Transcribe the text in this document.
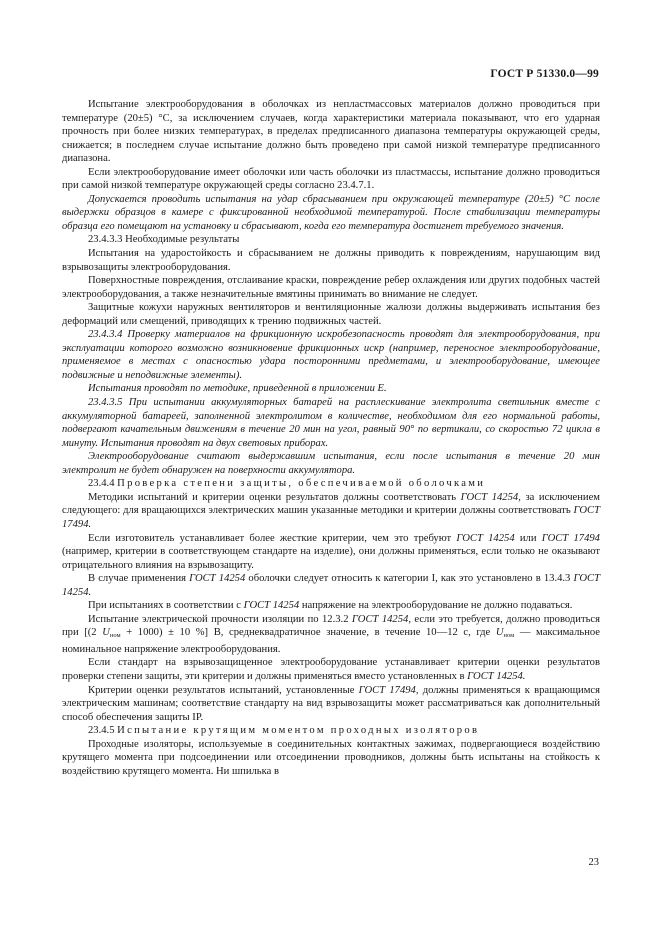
ГОСТ Р 51330.0—99

Испытание электрооборудования в оболочках из непластмассовых материалов должно проводиться при температуре (20±5) °С, за исключением случаев, когда характеристики материала показывают, что его ударная прочность при более низких температурах, в пределах предписанного диапазона температуры окружающей среды, снижается; в последнем случае испытание должно быть проведено при самой низкой температуре предписанного диапазона.

Если электрооборудование имеет оболочки или часть оболочки из пластмассы, испытание должно проводиться при самой низкой температуре окружающей среды согласно 23.4.7.1.

Допускается проводить испытания на удар сбрасыванием при окружающей температуре (20±5) °С после выдержки образцов в камере с фиксированной необходимой температурой. После стабилизации температуры образца его помещают на установку и сбрасывают, когда его температура достигнет требуемого значения.

23.4.3.3 Необходимые результаты

Испытания на ударостойкость и сбрасыванием не должны приводить к повреждениям, нарушающим вид взрывозащиты электрооборудования.

Поверхностные повреждения, отслаивание краски, повреждение ребер охлаждения или других подобных частей электрооборудования, а также незначительные вмятины принимать во внимание не следует.

Защитные кожухи наружных вентиляторов и вентиляционные жалюзи должны выдерживать испытания без деформаций или смещений, приводящих к трению подвижных частей.

23.4.3.4 Проверку материалов на фрикционную искробезопасность проводят для электрооборудования, при эксплуатации которого возможно возникновение фрикционных искр (например, переносное электрооборудование, применяемое в местах с опасностью удара посторонними предметами, и электрооборудование, имеющее подвижные и неподвижные элементы).

Испытания проводят по методике, приведенной в приложении Е.

23.4.3.5 При испытании аккумуляторных батарей на расплескивание электролита светильник вместе с аккумуляторной батареей, заполненной электролитом в количестве, необходимом для его нормальной работы, подвергают качательным движениям в течение 20 мин на угол, равный 90° по вертикали, со скоростью 72 цикла в минуту. Испытания проводят на двух световых приборах.

Электрооборудование считают выдержавшим испытания, если после испытания в течение 20 мин электролит не будет обнаружен на поверхности аккумулятора.

23.4.4 Проверка степени защиты, обеспечиваемой оболочками

Методики испытаний и критерии оценки результатов должны соответствовать ГОСТ 14254, за исключением следующего: для вращающихся электрических машин указанные методики и критерии должны соответствовать ГОСТ 17494.

Если изготовитель устанавливает более жесткие критерии, чем это требуют ГОСТ 14254 или ГОСТ 17494 (например, критерии в соответствующем стандарте на изделие), они должны применяться, если только не оказывают отрицательного влияния на взрывозащиту.

В случае применения ГОСТ 14254 оболочки следует относить к категории I, как это установлено в 13.4.3 ГОСТ 14254.

При испытаниях в соответствии с ГОСТ 14254 напряжение на электрооборудование не должно подаваться.

Испытание электрической прочности изоляции по 12.3.2 ГОСТ 14254, если это требуется, должно проводиться при [(2 $U_{ном} + 1000) \pm 10$ %] В, среднеквадратичное значение, в течение 10—12 с, где $U_{ном}$ — максимальное номинальное напряжение электрооборудования.

Если стандарт на взрывозащищенное электрооборудование устанавливает критерии оценки результатов проверки степени защиты, эти критерии и должны применяться вместо установленных в ГОСТ 14254.

Критерии оценки результатов испытаний, установленные ГОСТ 17494, должны применяться к вращающимся электрическим машинам; соответствие стандарту на вид взрывозащиты может рассматриваться как дополнительный способ обеспечения защиты IP.

23.4.5 Испытание крутящим моментом проходных изоляторов

Проходные изоляторы, используемые в соединительных контактных зажимах, подвергающиеся воздействию крутящего момента при подсоединении или отсоединении проводников, должны быть испытаны на стойкость к воздействию крутящего момента. Ни шпилька в

23
